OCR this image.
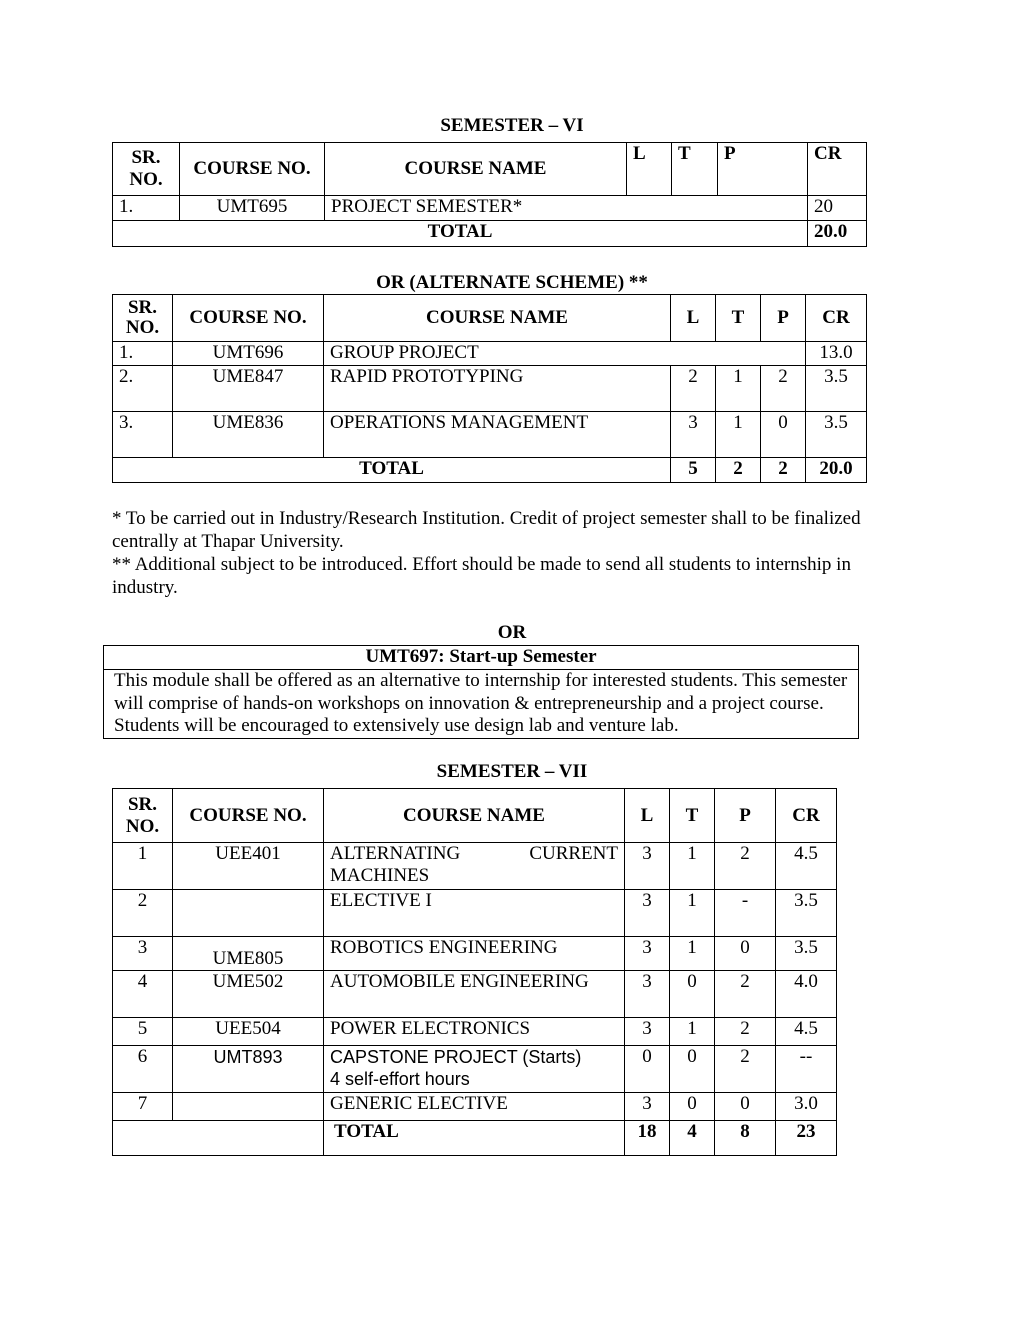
SEMESTER – VI
SR. NO.	COURSE NO.	COURSE NAME	L	T	P	CR
1.	UMT695	PROJECT SEMESTER*				20
TOTAL						20.0
OR (ALTERNATE SCHEME) **
SR. NO.	COURSE NO.	COURSE NAME	L	T	P	CR
1.	UMT696	GROUP PROJECT				13.0
2.	UME847	RAPID PROTOTYPING	2	1	2	3.5
3.	UME836	OPERATIONS MANAGEMENT	3	1	0	3.5
TOTAL			5	2	2	20.0
* To be carried out in Industry/Research Institution. Credit of project semester shall to be finalized centrally at Thapar University.
** Additional subject to be introduced. Effort should be made to send all students to internship in industry.
OR
UMT697: Start-up Semester
This module shall be offered as an alternative to internship for interested students. This semester will comprise of hands-on workshops on innovation & entrepreneurship and a project course. Students will be encouraged to extensively use design lab and venture lab.
SEMESTER – VII
SR. NO.	COURSE NO.	COURSE NAME	L	T	P	CR
1	UEE401	ALTERNATING CURRENT
MACHINES	3	1	2	4.5
2		ELECTIVE I	3	1	-	3.5
3	UME805	ROBOTICS ENGINEERING	3	1	0	3.5
4	UME502	AUTOMOBILE ENGINEERING	3	0	2	4.0
5	UEE504	POWER ELECTRONICS	3	1	2	4.5
6	UMT893	CAPSTONE PROJECT (Starts)
4 self-effort hours	0	0	2	--
7		GENERIC ELECTIVE	3	0	0	3.0
		TOTAL	18	4	8	23
